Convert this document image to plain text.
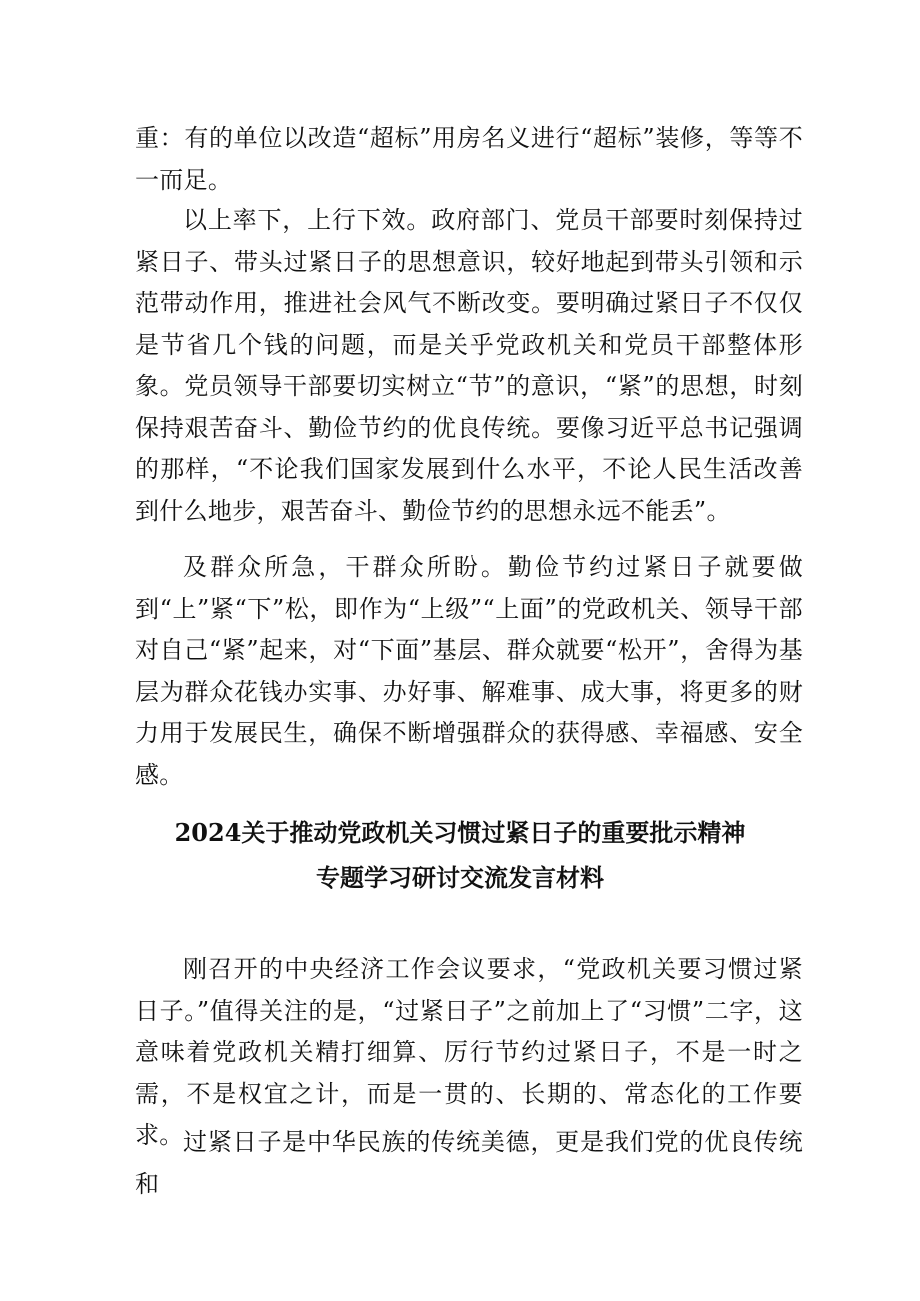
重：有的单位以改造“超标”用房名义进行“超标”装修，等等不一而足。

以上率下，上行下效。政府部门、党员干部要时刻保持过紧日子、带头过紧日子的思想意识，较好地起到带头引领和示范带动作用，推进社会风气不断改变。要明确过紧日子不仅仅是节省几个钱的问题，而是关乎党政机关和党员干部整体形象。党员领导干部要切实树立“节”的意识，“紧”的思想，时刻保持艰苦奋斗、勤俭节约的优良传统。要像习近平总书记强调的那样，“不论我们国家发展到什么水平，不论人民生活改善到什么地步，艰苦奋斗、勤俭节约的思想永远不能丢”。

及群众所急，干群众所盼。勤俭节约过紧日子就要做到“上”紧“下”松，即作为“上级”“上面”的党政机关、领导干部对自己“紧”起来，对“下面”基层、群众就要“松开”，舍得为基层为群众花钱办实事、办好事、解难事、成大事，将更多的财力用于发展民生，确保不断增强群众的获得感、幸福感、安全感。

2024关于推动党政机关习惯过紧日子的重要批示精神
专题学习研讨交流发言材料

刚召开的中央经济工作会议要求，“党政机关要习惯过紧日子。”值得关注的是，“过紧日子”之前加上了“习惯”二字，这意味着党政机关精打细算、厉行节约过紧日子，不是一时之需，不是权宜之计，而是一贯的、长期的、常态化的工作要求。 过紧日子是中华民族的传统美德，更是我们党的优良传统和
